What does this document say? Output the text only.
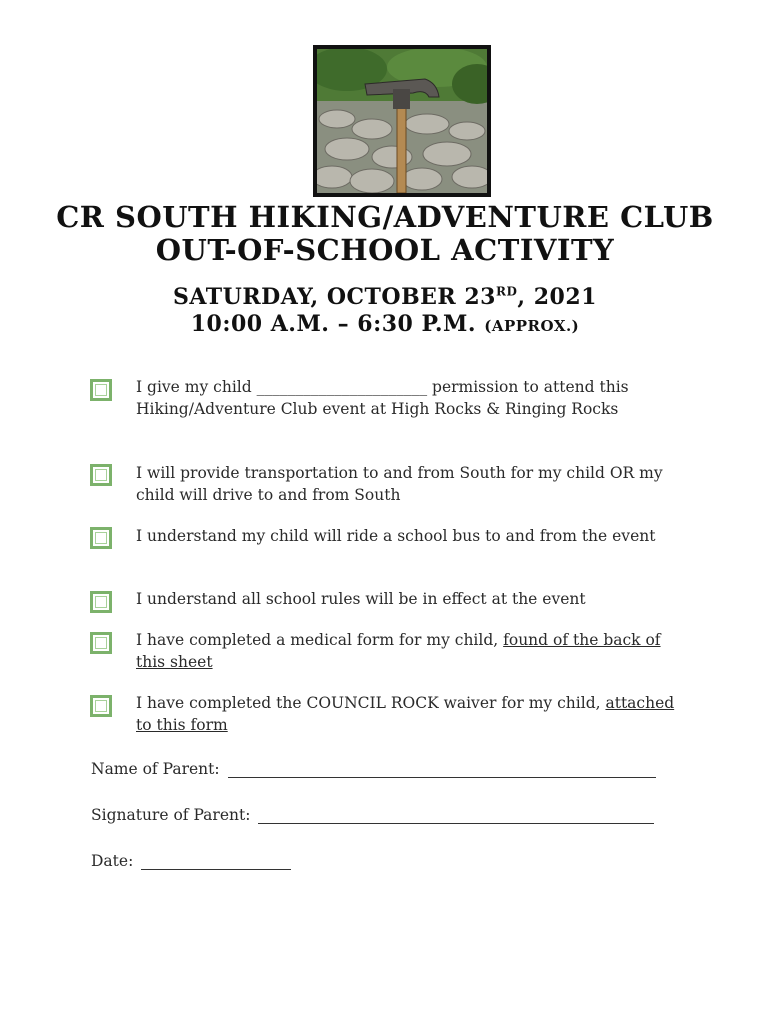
CR SOUTH HIKING/ADVENTURE CLUB
OUT-OF-SCHOOL ACTIVITY
SATURDAY, OCTOBER 23RD, 2021
10:00 A.M. – 6:30 P.M. (APPROX.)
I give my child ______________________ permission to attend this Hiking/Adventure Club event at High Rocks & Ringing Rocks
I will provide transportation to and from South for my child OR my child will drive to and from South
I understand my child will ride a school bus to and from the event
I understand all school rules will be in effect at the event
I have completed a medical form for my child, found of the back of this sheet
I have completed the COUNCIL ROCK waiver for my child, attached to this form
Name of Parent:
Signature of Parent:
Date:
